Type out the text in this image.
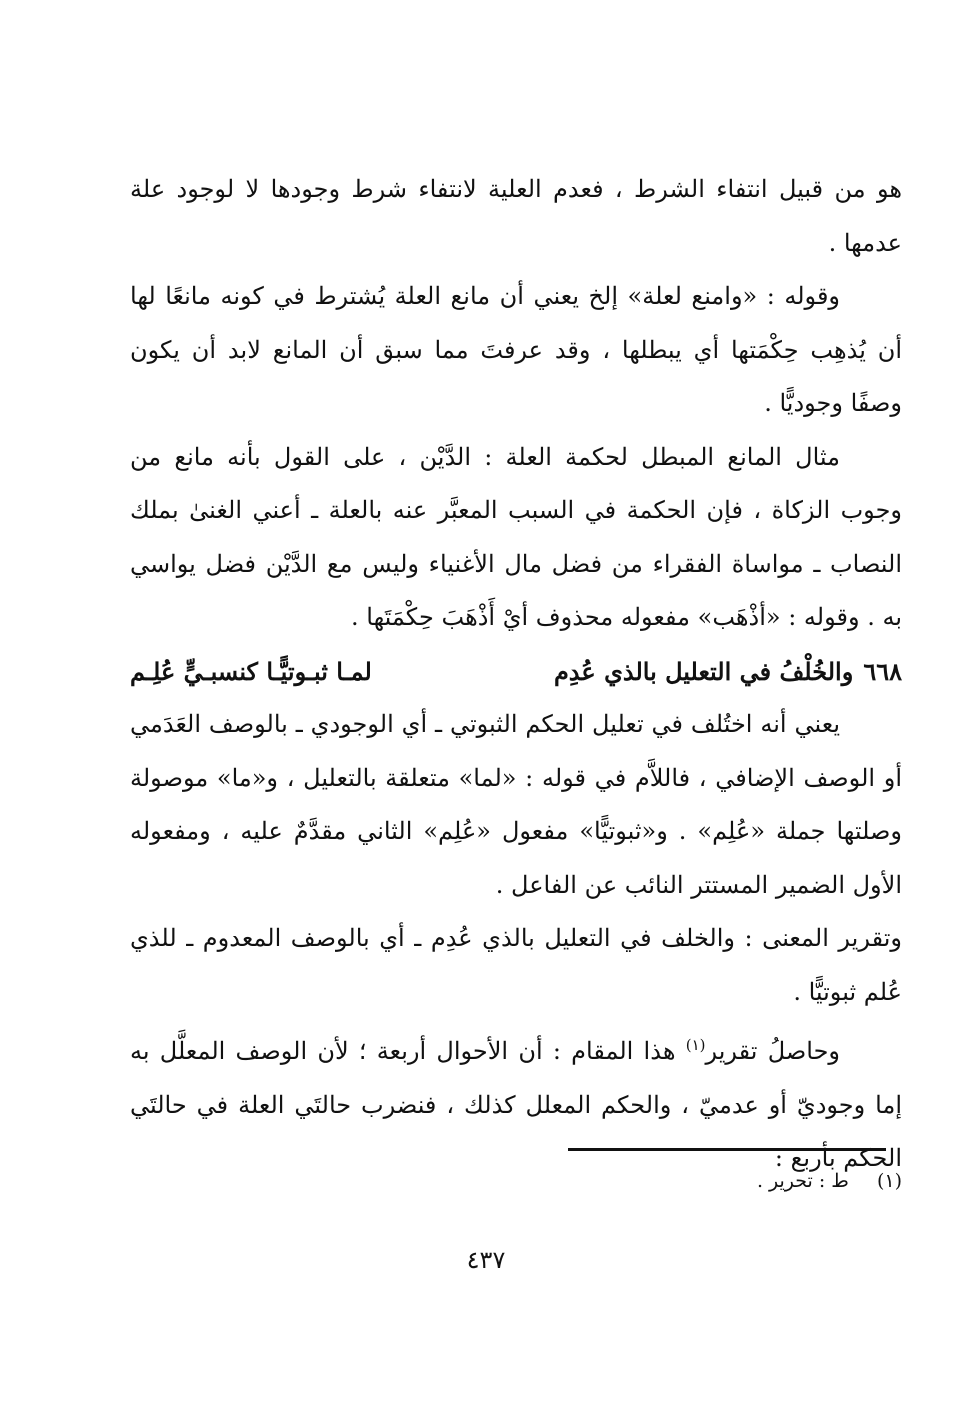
هو من قبيل انتفاء الشرط ، فعدم العلية لانتفاء شرط وجودها لا لوجود علة عدمها .

وقوله : «وامنع لعلة» إلخ يعني أن مانع العلة يُشترط في كونه مانعًا لها أن يُذهِب حِكْمَتها أي يبطلها ، وقد عرفتَ مما سبق أن المانع لابد أن يكون وصفًا وجوديًّا .

مثال المانع المبطل لحكمة العلة : الدَّيْن ، على القول بأنه مانع من وجوب الزكاة ، فإن الحكمة في السبب المعبَّر عنه بالعلة ـ أعني الغنىٰ بملك النصاب ـ مواساة الفقراء من فضل مال الأغنياء وليس مع الدَّيْن فضل يواسي به . وقوله : «أذْهَب» مفعوله محذوف أيْ أَذْهَبَ حِكْمَتَها .

٦٦٨
والخُلْفُ في التعليل بالذي عُدِم
لمـا ثبـوتيًّـا كنسبـيٍّ عُلِـم

يعني أنه اختُلف في تعليل الحكم الثبوتي ـ أي الوجودي ـ بالوصف العَدَمي أو الوصف الإضافي ، فاللاَّم في قوله : «لما» متعلقة بالتعليل ، و«ما» موصولة وصلتها جملة «عُلِم» . و«ثبوتيًّا» مفعول «عُلِم» الثاني مقدَّمٌ عليه ، ومفعوله الأول الضمير المستتر النائب عن الفاعل .

وتقرير المعنى : والخلف في التعليل بالذي عُدِم ـ أي بالوصف المعدوم ـ للذي عُلم ثبوتيًّا .

وحاصلُ تقرير$^{(١)}$ هذا المقام : أن الأحوال أربعة ؛ لأن الوصف المعلَّل به إما وجوديّ أو عدميّ ، والحكم المعلل كذلك ، فنضرب حالتَي العلة في حالتَي الحكم بأربع :

(١) ط : تحرير .
٤٣٧
